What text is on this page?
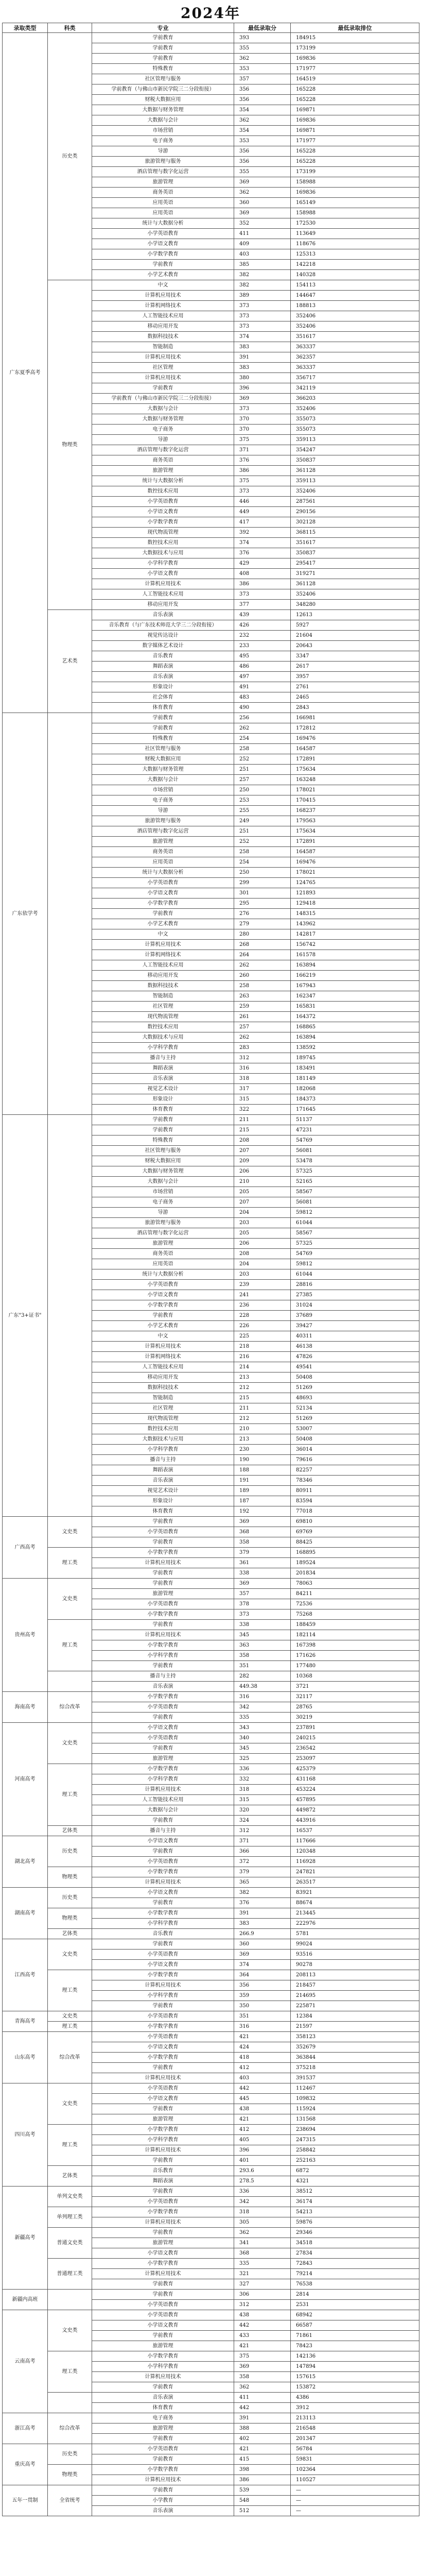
2024年
录取类型	科类	专业	最低录取分	最低录取排位
广东夏季高考	历史类	学前教育	393	184915
		学前教育	355	173199
		学前教育	362	169836
		特殊教育	353	171977
		社区管理与服务	357	164519
		学前教育（与佛山市新民学院三二分段衔接）	356	165228
		财税大数据应用	356	165228
		大数据与财务管理	354	169871
		大数据与会计	362	169836
		市场营销	354	169871
		电子商务	353	171977
		导游	356	165228
		旅游管理与服务	356	165228
		酒店管理与数字化运营	355	173199
		旅游管理	369	158988
		商务英语	362	169836
		应用英语	360	165149
		应用英语	369	158988
		统计与大数据分析	352	172530
		小学英语教育	411	113649
		小学语文教育	409	118676
		小学数学教育	403	125313
		学前教育	385	142218
		小学艺术教育	382	140328
	物理类	中文	382	154113
		计算机应用技术	389	144647
		计算机网络技术	373	188813
		人工智能技术应用	373	352406
		移动应用开发	373	352406
		数据科技技术	374	351617
		智能制造	383	363337
		计算机应用技术	391	362357
		社区管理	383	363337
		计算机应用技术	380	356717
		学前教育	396	342119
		学前教育（与佛山市新民学院三二分段衔接）	369	366203
		大数据与会计	373	352406
		大数据与财务管理	370	355073
		电子商务	370	355073
		导游	375	359113
		酒店管理与数字化运营	371	354247
		商务英语	376	350837
		旅游管理	386	361128
		统计与大数据分析	375	359113
		数控技术应用	373	352406
		小学英语教育	446	287561
		小学语文教育	449	290156
		小学数学教育	417	302128
		现代物流管理	392	368115
		数控技术应用	374	351617
		大数据技术与应用	376	350837
		小学科学教育	429	295417
		小学语文教育	408	319271
		计算机应用技术	386	361128
		人工智能技术应用	373	352406
		移动应用开发	377	348280
	艺术类	音乐表演	439	12613
		音乐教育（与广东技术师范大学三二分段衔接）	426	5927
		视觉传达设计	232	21604
		数字媒体艺术设计	233	20643
		音乐教育	495	3347
		舞蹈表演	486	2617
		音乐表演	497	3957
		形象设计	491	2761
		社会体育	483	2465
		体育教育	490	2843
广东依学考		学前教育	256	166981
		学前教育	262	172812
		特殊教育	254	169476
		社区管理与服务	258	164587
		财税大数据应用	252	172891
		大数据与财务管理	251	175634
		大数据与会计	257	163248
		市场营销	250	178021
		电子商务	253	170415
		导游	255	168237
		旅游管理与服务	249	179563
		酒店管理与数字化运营	251	175634
		旅游管理	252	172891
		商务英语	258	164587
		应用英语	254	169476
		统计与大数据分析	250	178021
		小学英语教育	299	124765
		小学语文教育	301	121893
		小学数学教育	295	129418
		学前教育	276	148315
		小学艺术教育	279	143962
		中文	280	142817
		计算机应用技术	268	156742
		计算机网络技术	264	161578
		人工智能技术应用	262	163894
		移动应用开发	260	166219
		数据科技技术	258	167943
		智能制造	263	162347
		社区管理	259	165831
		现代物流管理	261	164372
		数控技术应用	257	168865
		大数据技术与应用	262	163894
		小学科学教育	283	138592
		播音与主持	312	189745
		舞蹈表演	316	183491
		音乐表演	318	181149
		视觉艺术设计	317	182068
		形象设计	315	184373
		体育教育	322	171645
广东"3+证书"		学前教育	211	51137
		学前教育	215	47231
		特殊教育	208	54769
		社区管理与服务	207	56081
		财税大数据应用	209	53478
		大数据与财务管理	206	57325
		大数据与会计	210	52165
		市场营销	205	58567
		电子商务	207	56081
		导游	204	59812
		旅游管理与服务	203	61044
		酒店管理与数字化运营	205	58567
		旅游管理	206	57325
		商务英语	208	54769
		应用英语	204	59812
		统计与大数据分析	203	61044
		小学英语教育	239	28816
		小学语文教育	241	27385
		小学数学教育	236	31024
		学前教育	228	37689
		小学艺术教育	226	39427
		中文	225	40311
		计算机应用技术	218	46138
		计算机网络技术	216	47826
		人工智能技术应用	214	49541
		移动应用开发	213	50408
		数据科技技术	212	51269
		智能制造	215	48693
		社区管理	211	52134
		现代物流管理	212	51269
		数控技术应用	210	53007
		大数据技术与应用	213	50408
		小学科学教育	230	36014
		播音与主持	190	79616
		舞蹈表演	188	82257
		音乐表演	191	78346
		视觉艺术设计	189	80911
		形象设计	187	83594
		体育教育	192	77018
广西高考	文史类	学前教育	369	69810
		小学英语教育	368	69769
		学前教育	358	88425
	理工类	小学数学教育	379	168895
		计算机应用技术	361	189524
		学前教育	338	201834
贵州高考	文史类	学前教育	369	78063
		旅游管理	357	84211
		小学英语教育	378	72536
		小学数学教育	373	75268
	理工类	学前教育	338	188459
		计算机应用技术	345	182114
		小学数学教育	363	167398
		小学科学教育	358	171626
		学前教育	351	177480
		播音与主持	282	10368
		音乐表演	449.38	3721
海南高考	综合改革	小学数学教育	316	32117
		小学英语教育	342	28765
		学前教育	335	30219
河南高考	文史类	小学语文教育	343	237891
		小学英语教育	340	240215
		学前教育	345	236542
		旅游管理	325	253097
	理工类	小学数学教育	336	425379
		小学科学教育	332	431168
		计算机应用技术	318	453224
		人工智能技术应用	315	457895
		大数据与会计	320	449872
		学前教育	324	443916
	艺体类	播音与主持	312	16537
湖北高考	历史类	小学语文教育	371	117666
		学前教育	366	120348
		小学英语教育	372	116928
	物理类	小学数学教育	379	247821
		计算机应用技术	365	263517
湖南高考	历史类	小学语文教育	382	83921
		学前教育	376	88674
	物理类	小学数学教育	391	213445
		小学科学教育	383	222976
	艺体类	音乐教育	266.9	5781
江西高考	文史类	学前教育	360	99024
		小学英语教育	369	93516
		小学语文教育	374	90278
	理工类	小学数学教育	364	208113
		计算机应用技术	356	218457
		小学科学教育	359	214695
		学前教育	350	225871
青海高考	文史类	小学英语教育	351	12384
	理工类	小学数学教育	316	21597
山东高考	综合改革	小学英语教育	421	358123
		小学语文教育	424	352679
		小学数学教育	418	363844
		学前教育	412	375218
		计算机应用技术	403	391537
四川高考	文史类	小学英语教育	442	112467
		小学语文教育	445	109832
		学前教育	438	115924
		旅游管理	421	131568
	理工类	小学数学教育	412	238694
		小学科学教育	405	247315
		计算机应用技术	396	258842
		学前教育	401	252163
	艺体类	音乐教育	293.6	6872
		舞蹈表演	278.5	4321
新疆高考	单列文史类	学前教育	336	38512
		小学英语教育	342	36174
	单列理工类	小学数学教育	318	54213
		计算机应用技术	305	59876
	普通文史类	学前教育	362	29346
		旅游管理	341	34518
		小学语文教育	368	27834
	普通理工类	小学数学教育	335	72843
		计算机应用技术	321	79214
		学前教育	327	76538
新疆内高班		学前教育	306	2814
		小学英语教育	312	2531
云南高考	文史类	小学英语教育	438	68942
		小学语文教育	442	66587
		学前教育	433	71861
		旅游管理	421	78423
	理工类	小学数学教育	375	142136
		小学科学教育	369	147894
		计算机应用技术	358	157615
		学前教育	362	153872
		音乐表演	411	4386
		体育教育	442	3912
浙江高考	综合改革	电子商务	391	213113
		旅游管理	388	216548
		学前教育	402	201347
重庆高考	历史类	小学英语教育	421	56784
		学前教育	415	59831
	物理类	小学数学教育	398	102364
		计算机应用技术	386	110527
五年一贯制	全省统考	学前教育	539	—
		小学教育	548	—
		音乐表演	512	—
